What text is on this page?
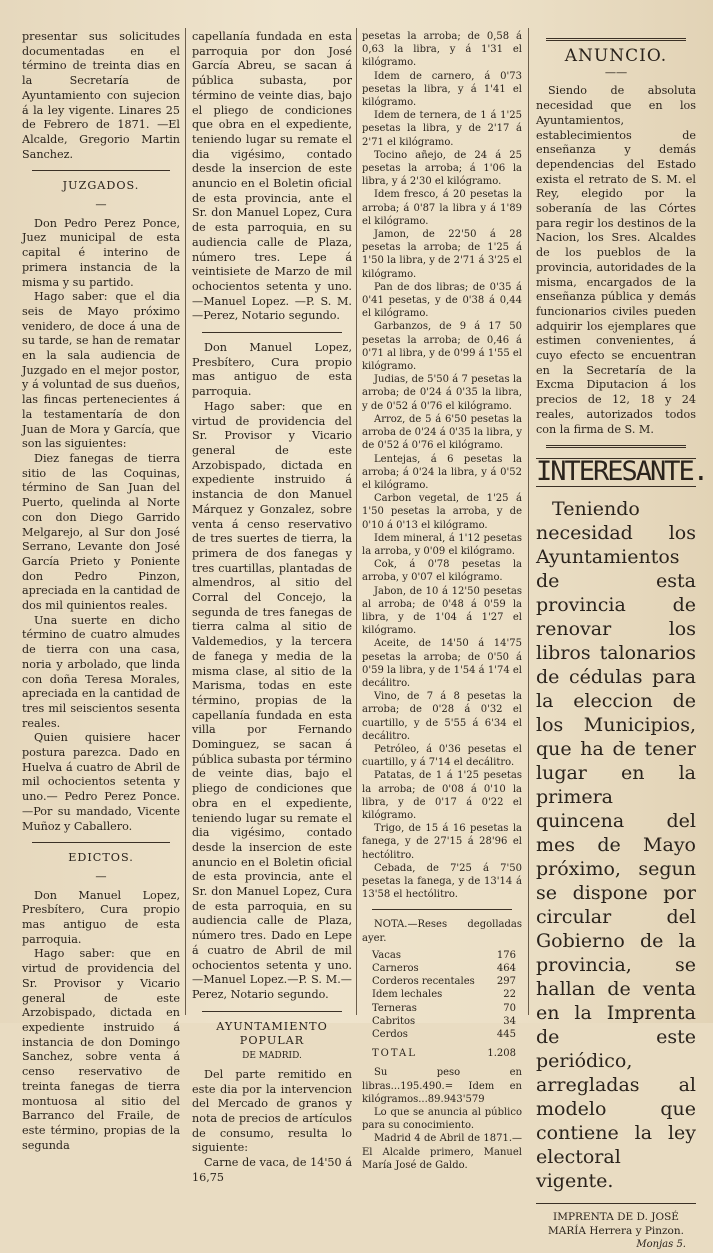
presentar sus solicitudes documentadas en el término de treinta dias en la Secretaría de Ayuntamiento con sujecion á la ley vigente. Linares 25 de Febrero de 1871. —El Alcalde, Gregorio Martin Sanchez.

JUZGADOS.
—

Don Pedro Perez Ponce, Juez municipal de esta capital é interino de primera instancia de la misma y su partido.

Hago saber: que el dia seis de Mayo próximo venidero, de doce á una de su tarde, se han de rematar en la sala audiencia de Juzgado en el mejor postor, y á voluntad de sus dueños, las fincas pertenecientes á la testamentaría de don Juan de Mora y García, que son las siguientes:

Diez fanegas de tierra sitio de las Coquinas, término de San Juan del Puerto, quelinda al Norte con don Diego Garrido Melgarejo, al Sur don José Serrano, Levante don José García Prieto y Poniente don Pedro Pinzon, apreciada en la cantidad de dos mil quinientos reales.

Una suerte en dicho término de cuatro almudes de tierra con una casa, noria y arbolado, que linda con doña Teresa Morales, apreciada en la cantidad de tres mil seiscientos sesenta reales.

Quien quisiere hacer postura parezca. Dado en Huelva á cuatro de Abril de mil ochocientos setenta y uno.— Pedro Perez Ponce.—Por su mandado, Vicente Muñoz y Caballero.

EDICTOS.
—

Don Manuel Lopez, Presbítero, Cura propio mas antiguo de esta parroquia.

Hago saber: que en virtud de providencia del Sr. Provisor y Vicario general de este Arzobispado, dictada en expediente instruido á instancia de don Domingo Sanchez, sobre venta á censo reservativo de treinta fanegas de tierra montuosa al sitio del Barranco del Fraile, de este término, propias de la segunda

capellanía fundada en esta parroquia por don José García Abreu, se sacan á pública subasta, por término de veinte dias, bajo el pliego de condiciones que obra en el expediente, teniendo lugar su remate el dia vigésimo, contado desde la insercion de este anuncio en el Boletin oficial de esta provincia, ante el Sr. don Manuel Lopez, Cura de esta parroquia, en su audiencia calle de Plaza, número tres. Lepe á veintisiete de Marzo de mil ochocientos setenta y uno.—Manuel Lopez. —P. S. M.—Perez, Notario segundo.

Don Manuel Lopez, Presbítero, Cura propio mas antiguo de esta parroquia.

Hago saber: que en virtud de providencia del Sr. Provisor y Vicario general de este Arzobispado, dictada en expediente instruido á instancia de don Manuel Márquez y Gonzalez, sobre venta á censo reservativo de tres suertes de tierra, la primera de dos fanegas y tres cuartillas, plantadas de almendros, al sitio del Corral del Concejo, la segunda de tres fanegas de tierra calma al sitio de Valdemedios, y la tercera de fanega y media de la misma clase, al sitio de la Marisma, todas en este término, propias de la capellanía fundada en esta villa por Fernando Dominguez, se sacan á pública subasta por término de veinte dias, bajo el pliego de condiciones que obra en el expediente, teniendo lugar su remate el dia vigésimo, contado desde la insercion de este anuncio en el Boletin oficial de esta provincia, ante el Sr. don Manuel Lopez, Cura de esta parroquia, en su audiencia calle de Plaza, número tres. Dado en Lepe á cuatro de Abril de mil ochocientos setenta y uno.—Manuel Lopez.—P. S. M.—Perez, Notario segundo.

AYUNTAMIENTO POPULAR
DE MADRID.

Del parte remitido en este dia por la intervencion del Mercado de granos y nota de precios de artículos de consumo, resulta lo siguiente:

Carne de vaca, de 14'50 á 16,75

pesetas la arroba; de 0,58 á 0,63 la libra, y á 1'31 el kilógramo.

Idem de carnero, á 0'73 pesetas la libra, y á 1'41 el kilógramo.

Idem de ternera, de 1 á 1'25 pesetas la libra, y de 2'17 á 2'71 el kilógramo.

Tocino añejo, de 24 á 25 pesetas la arroba; á 1'06 la libra, y á 2'30 el kilógramo.

Idem fresco, á 20 pesetas la arroba; á 0'87 la libra y á 1'89 el kilógramo.

Jamon, de 22'50 á 28 pesetas la arroba; de 1'25 á 1'50 la libra, y de 2'71 á 3'25 el kilógramo.

Pan de dos libras; de 0'35 á 0'41 pesetas, y de 0'38 á 0,44 el kilógramo.

Garbanzos, de 9 á 17 50 pesetas la arroba; de 0,46 á 0'71 al libra, y de 0'99 á 1'55 el kilógramo.

Judias, de 5'50 á 7 pesetas la arroba; de 0'24 á 0'35 la libra, y de 0'52 á 0'76 el kilógramo.

Arroz, de 5 á 6'50 pesetas la arroba de 0'24 á 0'35 la libra, y de 0'52 á 0'76 el kilógramo.

Lentejas, á 6 pesetas la arroba; á 0'24 la libra, y á 0'52 el kilógramo.

Carbon vegetal, de 1'25 á 1'50 pesetas la arroba, y de 0'10 á 0'13 el kilógramo.

Idem mineral, á 1'12 pesetas la arroba, y 0'09 el kilógramo.

Cok, á 0'78 pesetas la arroba, y 0'07 el kilógramo.

Jabon, de 10 á 12'50 pesetas al arroba; de 0'48 á 0'59 la libra, y de 1'04 á 1'27 el kilógramo.

Aceite, de 14'50 á 14'75 pesetas la arroba; de 0'50 á 0'59 la libra, y de 1'54 á 1'74 el decálitro.

Vino, de 7 á 8 pesetas la arroba; de 0'28 á 0'32 el cuartillo, y de 5'55 á 6'34 el decálitro.

Petróleo, á 0'36 pesetas el cuartillo, y á 7'14 el decálitro.

Patatas, de 1 á 1'25 pesetas la arroba; de 0'08 á 0'10 la libra, y de 0'17 á 0'22 el kilógramo.

Trigo, de 15 á 16 pesetas la fanega, y de 27'15 á 28'96 el hectólitro.

Cebada, de 7'25 á 7'50 pesetas la fanega, y de 13'14 á 13'58 el hectólitro.

NOTA.—Reses degolladas ayer.

Vacas	176
Carneros	464
Corderos recentales 297
Idem lechales	22
Terneras	70
Cabritos	34
Cerdos	445
TOTAL	1.208

Su peso en libras...195.490.= Idem en kilógramos...89.943'579

Lo que se anuncia al público para su conocimiento.

Madrid 4 de Abril de 1871.— El Alcalde primero, Manuel María José de Galdo.

ANUNCIO.
——

Siendo de absoluta necesidad que en los Ayuntamientos, establecimientos de enseñanza y demás dependencias del Estado exista el retrato de S. M. el Rey, elegido por la soberanía de las Córtes para regir los destinos de la Nacion, los Sres. Alcaldes de los pueblos de la provincia, autoridades de la misma, encargados de la enseñanza pública y demás funcionarios civiles pueden adquirir los ejemplares que estimen convenientes, á cuyo efecto se encuentran en la Secretaría de la Excma Diputacion á los precios de 12, 18 y 24 reales, autorizados todos con la firma de S. M.

INTERESANTE.

Teniendo necesidad los Ayuntamientos de esta provincia de renovar los libros talonarios de cédulas para la eleccion de los Municipios, que ha de tener lugar en la primera quincena del mes de Mayo próximo, segun se dispone por circular del Gobierno de la provincia, se hallan de venta en la Imprenta de este periódico, arregladas al modelo que contiene la ley electoral vigente.

IMPRENTA DE D. JOSÉ MARÍA Herrera y Pinzon.
Monjas 5.
